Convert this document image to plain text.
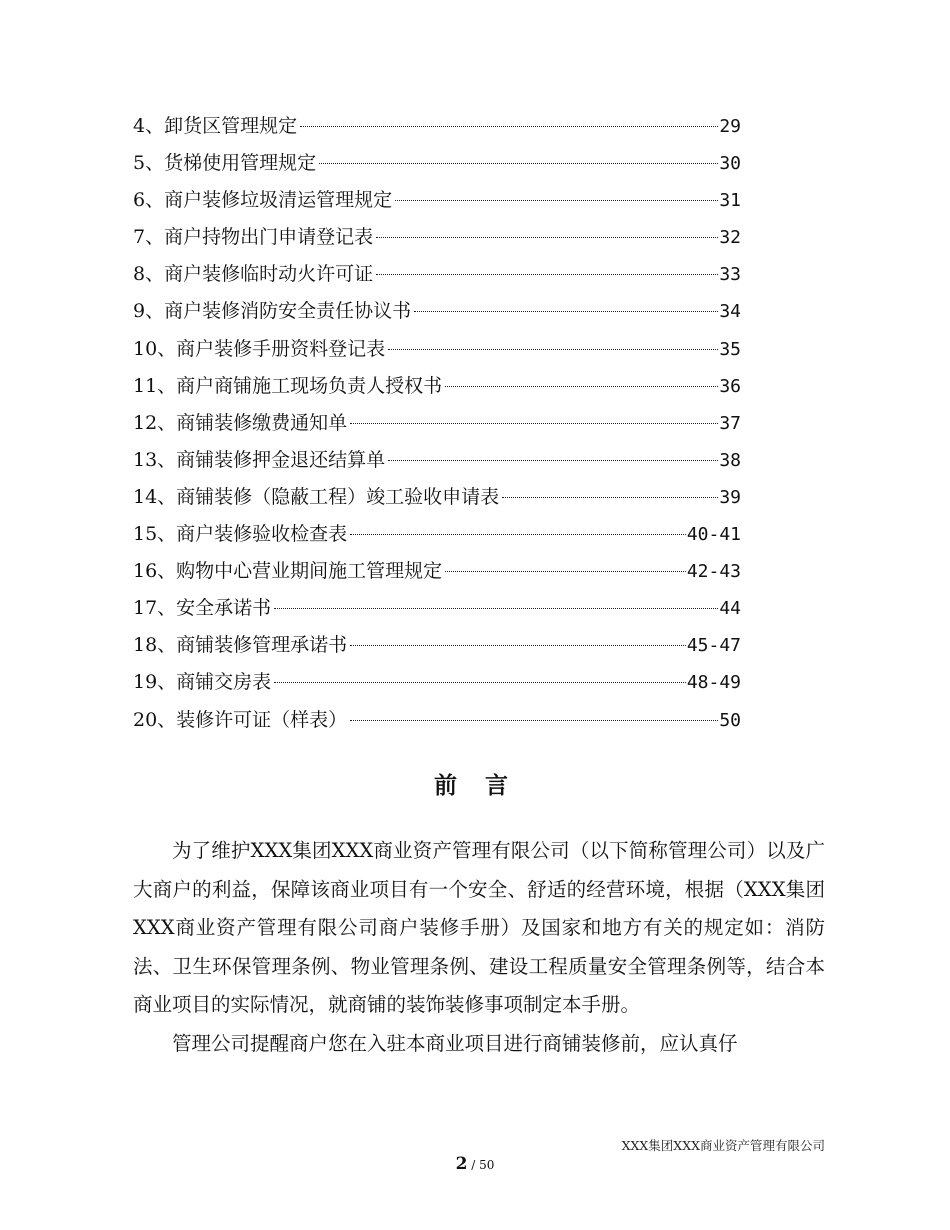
4、卸货区管理规定	29
5、货梯使用管理规定	30
6、商户装修垃圾清运管理规定	31
7、商户持物出门申请登记表	32
8、商户装修临时动火许可证	33
9、商户装修消防安全责任协议书	34
10、商户装修手册资料登记表	35
11、商户商铺施工现场负责人授权书	36
12、商铺装修缴费通知单	37
13、商铺装修押金退还结算单	38
14、商铺装修（隐蔽工程）竣工验收申请表	39
15、商户装修验收检查表	40-41
16、购物中心营业期间施工管理规定	42-43
17、安全承诺书	44
18、商铺装修管理承诺书	45-47
19、商铺交房表	48-49
20、装修许可证（样表）	50
前言

为了维护XXX集团XXX商业资产管理有限公司（以下简称管理公司）以及广大商户的利益，保障该商业项目有一个安全、舒适的经营环境，根据（XXX集团XXX商业资产管理有限公司商户装修手册）及国家和地方有关的规定如：消防法、卫生环保管理条例、物业管理条例、建设工程质量安全管理条例等，结合本商业项目的实际情况，就商铺的装饰装修事项制定本手册。

管理公司提醒商户您在入驻本商业项目进行商铺装修前，应认真仔

XXX集团XXX商业资产管理有限公司
2 / 50
